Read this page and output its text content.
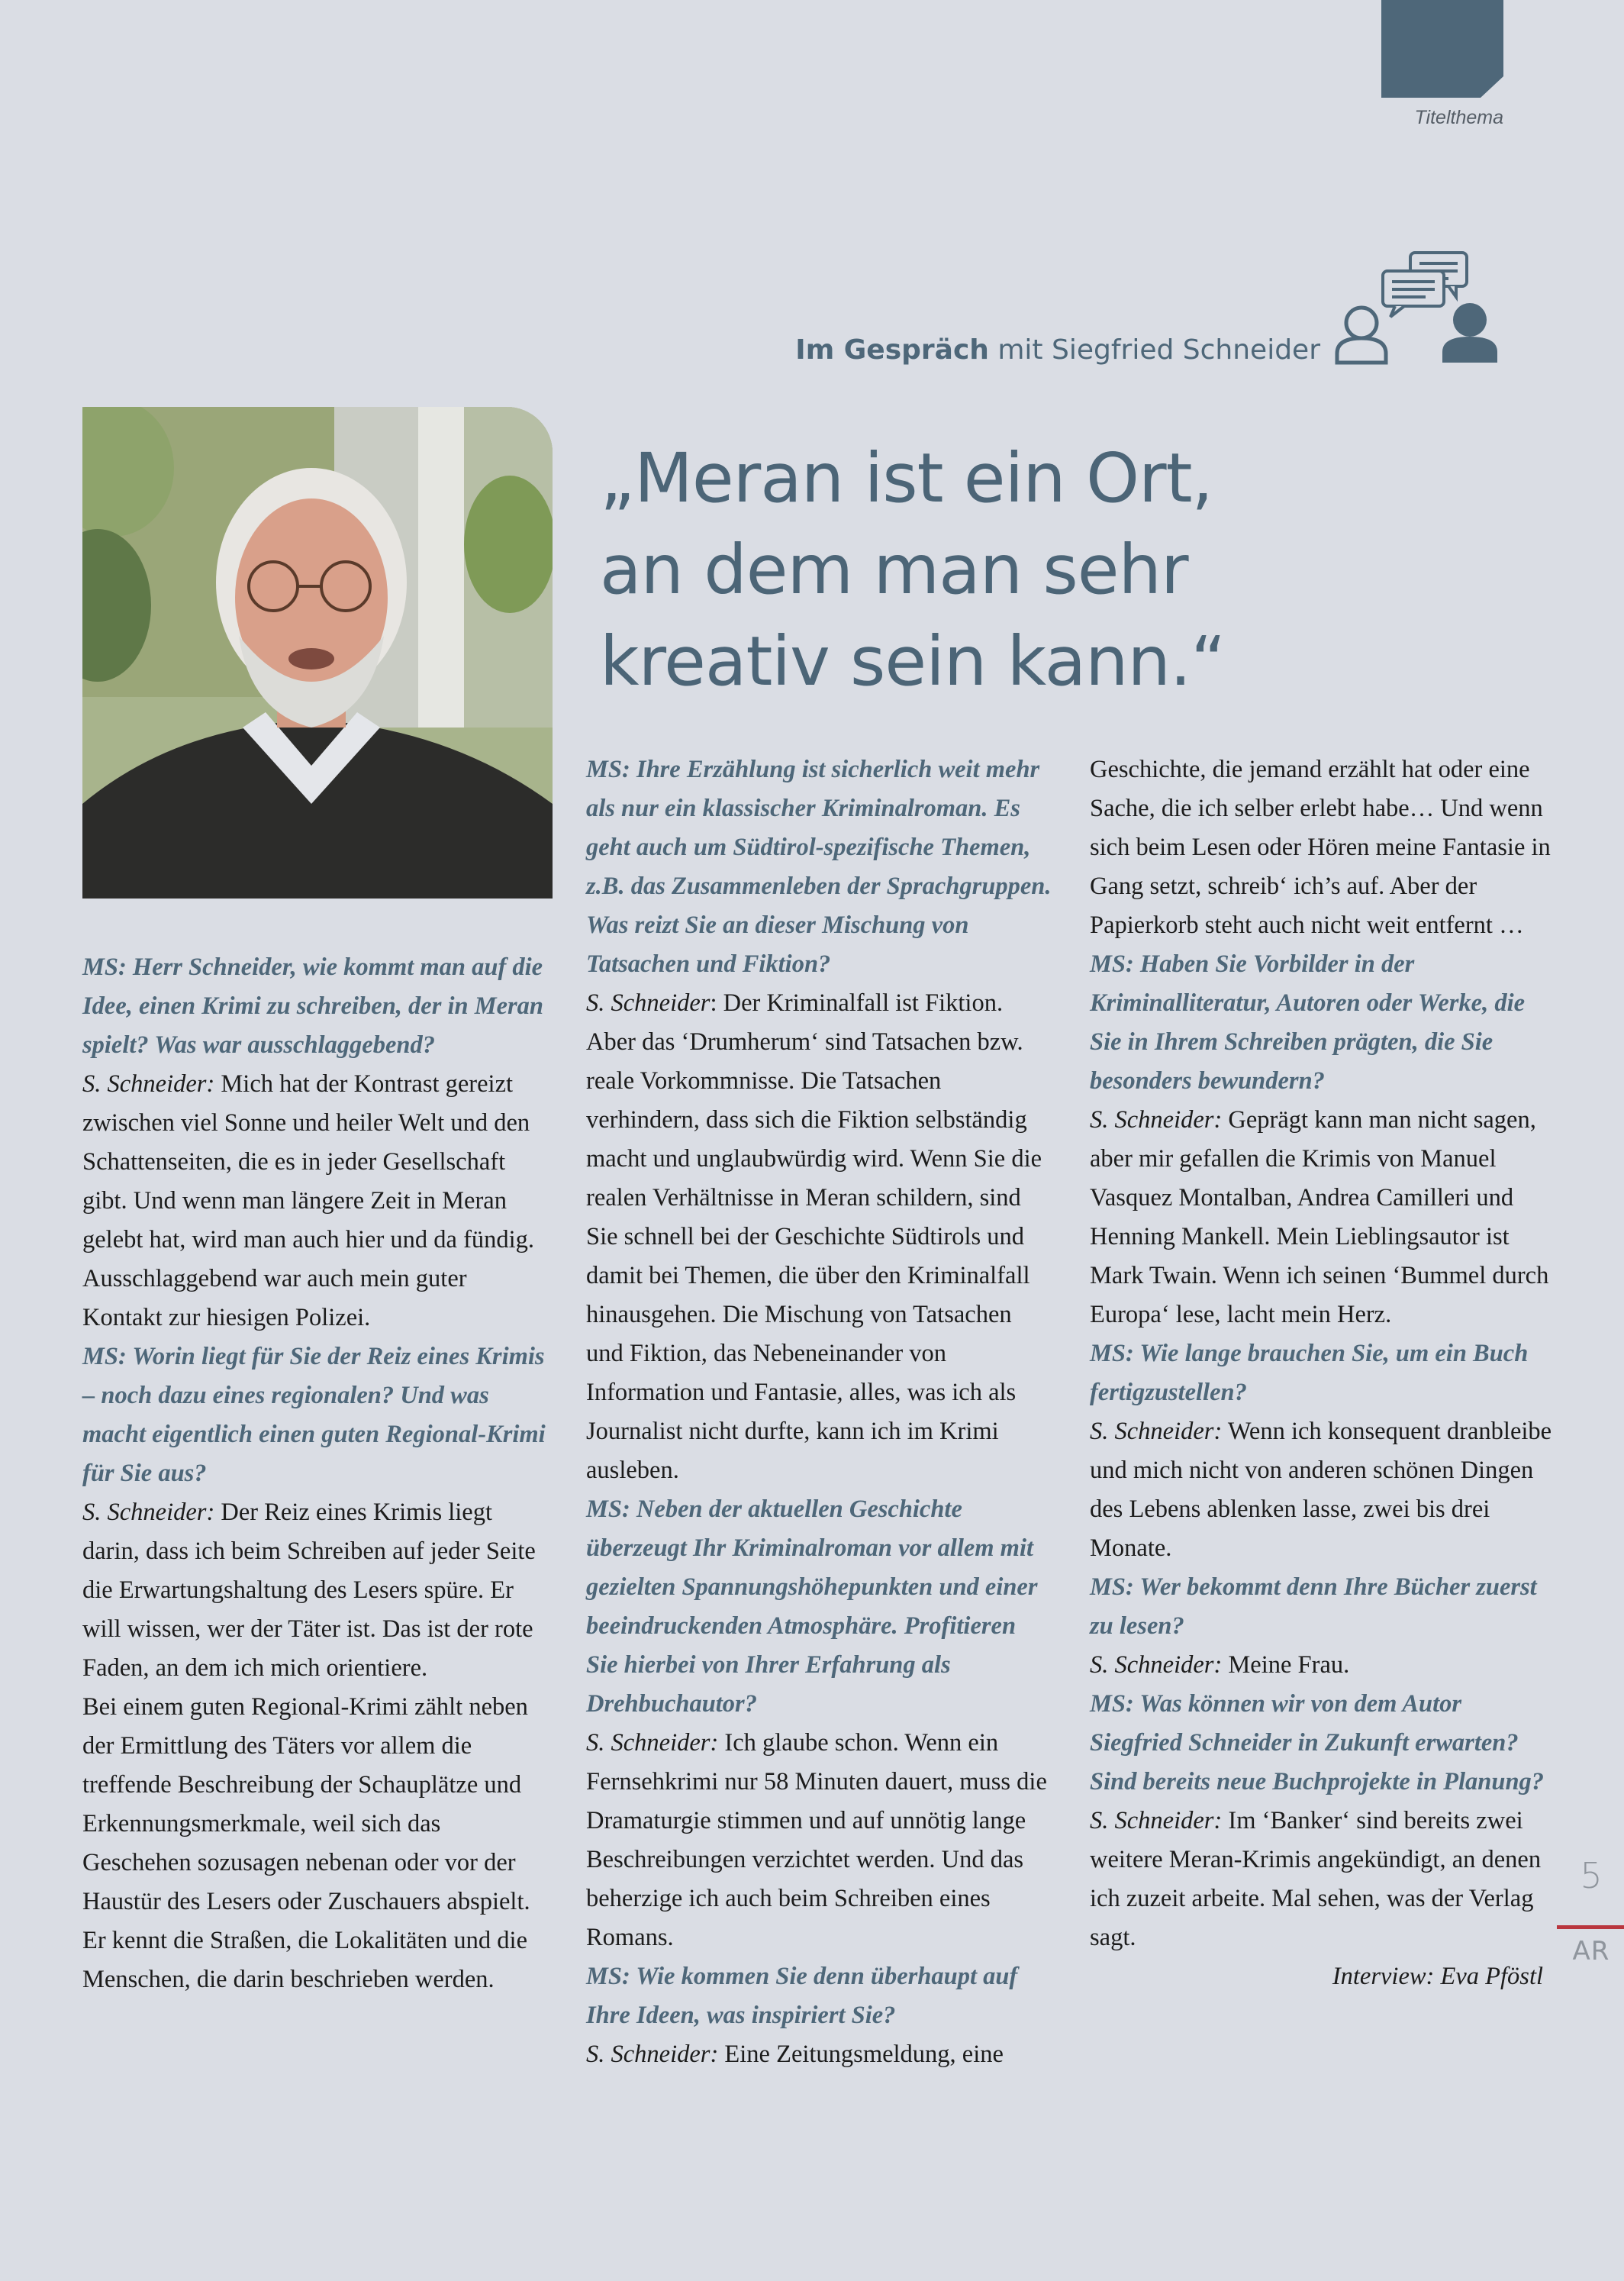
Titelthema
Im Gespräch mit Siegfried Schneider
„Meran ist ein Ort,
an dem man sehr
kreativ sein kann.“

MS: Herr Schneider, wie kommt man auf die Idee, einen Krimi zu schreiben, der in Meran spielt? Was war ausschlaggebend?

S. Schneider: Mich hat der Kontrast gereizt zwischen viel Sonne und heiler Welt und den Schattenseiten, die es in jeder Gesellschaft gibt. Und wenn man längere Zeit in Meran gelebt hat, wird man auch hier und da fündig. Ausschlaggebend war auch mein guter Kontakt zur hiesigen Polizei.

MS: Worin liegt für Sie der Reiz eines Krimis – noch dazu eines regionalen? Und was macht eigentlich einen guten Regional-Krimi für Sie aus?

S. Schneider: Der Reiz eines Krimis liegt darin, dass ich beim Schreiben auf jeder Seite die Erwartungshaltung des Lesers spüre. Er will wissen, wer der Täter ist. Das ist der rote Faden, an dem ich mich orientiere.

Bei einem guten Regional-Krimi zählt neben der Ermittlung des Täters vor allem die treffende Beschreibung der Schauplätze und Erkennungsmerkmale, weil sich das Geschehen sozusagen nebenan oder vor der Haustür des Lesers oder Zuschauers abspielt. Er kennt die Straßen, die Lokalitäten und die Menschen, die darin beschrieben werden.

MS: Ihre Erzählung ist sicherlich weit mehr als nur ein klassischer Kriminalroman. Es geht auch um Südtirol-spezifische Themen, z.B. das Zusammenleben der Sprachgruppen. Was reizt Sie an dieser Mischung von Tatsachen und Fiktion?

S. Schneider: Der Kriminalfall ist Fiktion. Aber das ‘Drumherum‘ sind Tatsachen bzw. reale Vorkommnisse. Die Tatsachen verhindern, dass sich die Fiktion selbständig macht und unglaubwürdig wird. Wenn Sie die realen Verhältnisse in Meran schildern, sind Sie schnell bei der Geschichte Südtirols und damit bei Themen, die über den Kriminalfall hinausgehen. Die Mischung von Tatsachen und Fiktion, das Nebeneinander von Information und Fantasie, alles, was ich als Journalist nicht durfte, kann ich im Krimi ausleben.

MS: Neben der aktuellen Geschichte überzeugt Ihr Kriminalroman vor allem mit gezielten Spannungshöhepunkten und einer beeindruckenden Atmosphäre. Profitieren Sie hierbei von Ihrer Erfahrung als Drehbuchautor?

S. Schneider: Ich glaube schon. Wenn ein Fernsehkrimi nur 58 Minuten dauert, muss die Dramaturgie stimmen und auf unnötig lange Beschreibungen verzichtet werden. Und das beherzige ich auch beim Schreiben eines Romans.

MS: Wie kommen Sie denn überhaupt auf Ihre Ideen, was inspiriert Sie?

S. Schneider: Eine Zeitungsmeldung, eine

Geschichte, die jemand erzählt hat oder eine Sache, die ich selber erlebt habe… Und wenn sich beim Lesen oder Hören meine Fantasie in Gang setzt, schreib‘ ich’s auf. Aber der Papierkorb steht auch nicht weit entfernt …

MS: Haben Sie Vorbilder in der Kriminalliteratur, Autoren oder Werke, die Sie in Ihrem Schreiben prägten, die Sie besonders bewundern?

S. Schneider: Geprägt kann man nicht sagen, aber mir gefallen die Krimis von Manuel Vasquez Montalban, Andrea Camilleri und Henning Mankell. Mein Lieblingsautor ist Mark Twain. Wenn ich seinen ‘Bummel durch Europa‘ lese, lacht mein Herz.

MS: Wie lange brauchen Sie, um ein Buch fertigzustellen?

S. Schneider: Wenn ich konsequent dranbleibe und mich nicht von anderen schönen Dingen des Lebens ablenken lasse, zwei bis drei Monate.

MS: Wer bekommt denn Ihre Bücher zuerst zu lesen?

S. Schneider: Meine Frau.

MS: Was können wir von dem Autor Siegfried Schneider in Zukunft erwarten? Sind bereits neue Buchprojekte in Planung?

S. Schneider: Im ‘Banker‘ sind bereits zwei weitere Meran-Krimis angekündigt, an denen ich zuzeit arbeite. Mal sehen, was der Verlag sagt.

Interview: Eva Pföstl

5
AR
